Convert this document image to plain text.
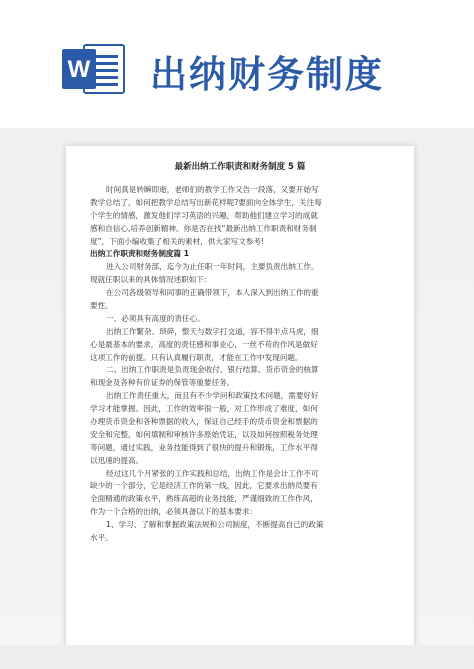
W 出纳财务制度
最新出纳工作职责和财务制度 5 篇
时间真是转瞬即逝，老师们的教学工作又告一段落，又要开始写
教学总结了，如何把教学总结写出新花样呢?要面向全体学生，关注每
个学生的情感，激发他们学习英语的兴趣，帮助他们建立学习的成就
感和自信心,培养创新精神。你是否在找“最新出纳工作职责和财务制
度”，下面小编收集了相关的素材，供大家写文参考!
出纳工作职责和财务制度篇 1
进入公司财务部，迄今为止任职一年时间，主要负责出纳工作。
现就任职以来的具体情况述职如下:
在公司各级领导和同事的正确带领下，本人深入到出纳工作的重
要性。
一、必须具有高度的责任心。
出纳工作繁杂、琐碎，整天与数字打交道，容不得半点马虎，细
心是最基本的要求，高度的责任感和事业心，一丝不苟的作风是做好
这项工作的前提。只有认真履行职责，才能在工作中发现问题。
二、出纳工作职责是负责现金收付、银行结算、货币资金的核算
和现金及各种有价证券的保管等重要任务。
出纳工作责任重大，而且有不少学问和政策技术问题，需要好好
学习才能掌握。因此，工作的效率很一般，对工作形成了难度，如何
办理货币资金和各种票据的收入，保证自己经手的货币资金和票据的
安全和完整，如何填制和审核许多原始凭证，以及如何按照税务处理
等问题，通过实践，业务技能得到了很快的提升和锻炼，工作水平得
以迅速的提高。
经过这几个月紧张的工作实践和总结，出纳工作是会计工作不可
缺少的一个部分，它是经济工作的第一线，因此，它要求出纳员要有
全面精通的政策水平，熟练高超的业务技能，严谨细致的工作作风，
作为一个合格的出纳，必须具备以下的基本要求：
1、学习、了解和掌握政策法规和公司制度，不断提高自己的政策
水平。
